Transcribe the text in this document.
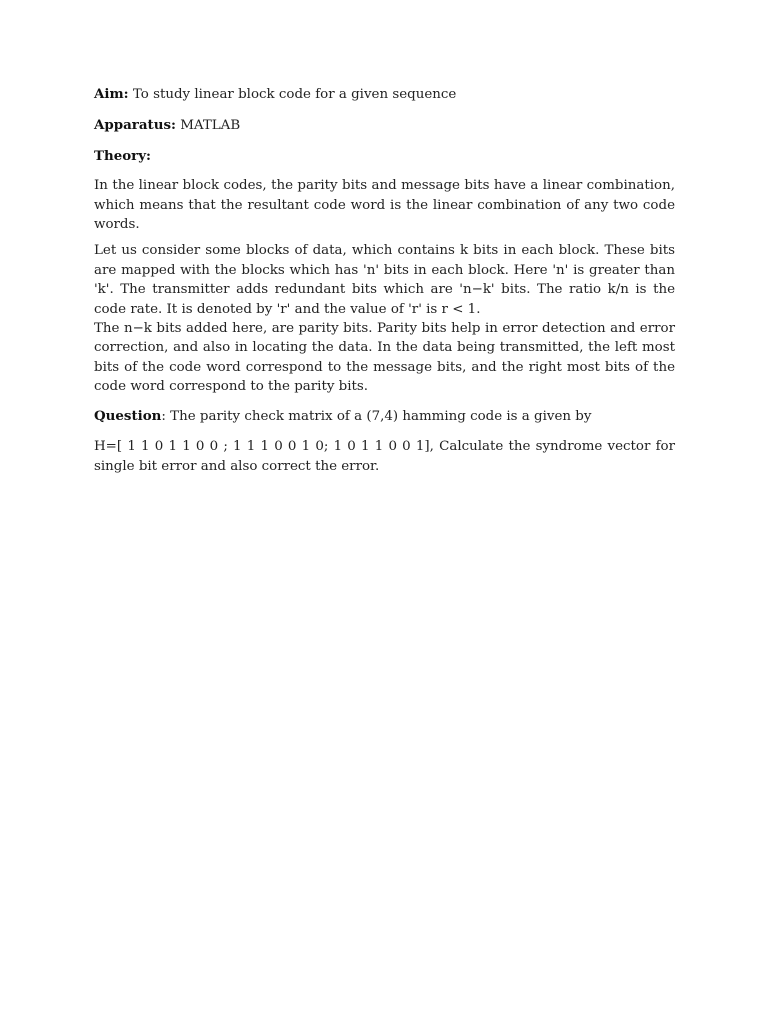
Aim: To study linear block code for a given sequence

Apparatus: MATLAB

Theory:

In the linear block codes, the parity bits and message bits have a linear combination, which means that the resultant code word is the linear combination of any two code words.

Let us consider some blocks of data, which contains k bits in each block. These bits are mapped with the blocks which has 'n' bits in each block. Here 'n' is greater than 'k'. The transmitter adds redundant bits which are 'n−k' bits. The ratio k/n is the code rate. It is denoted by 'r' and the value of 'r' is r < 1.

The n−k bits added here, are parity bits. Parity bits help in error detection and error correction, and also in locating the data. In the data being transmitted, the left most bits of the code word correspond to the message bits, and the right most bits of the code word correspond to the parity bits.

Question: The parity check matrix of a (7,4) hamming code is a given by

H=[ 1 1 0 1 1 0 0 ; 1 1 1 0 0 1 0; 1 0 1 1 0 0 1], Calculate the syndrome vector for single bit error and also correct the error.
